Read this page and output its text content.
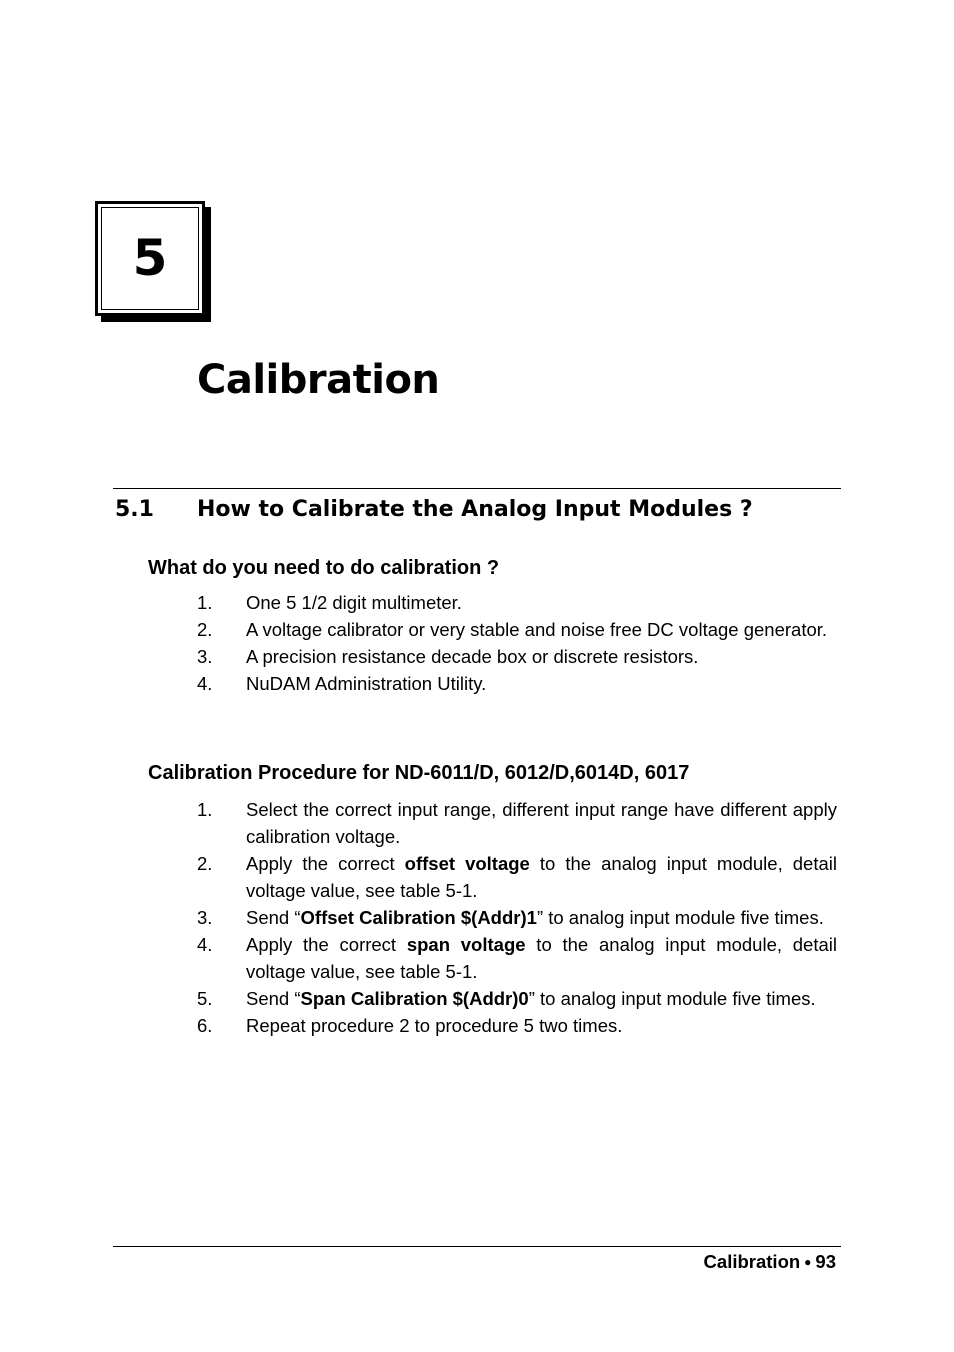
5
Calibration
5.1 How to Calibrate the Analog Input Modules ?
What do you need to do calibration ?
1. One 5 1/2 digit multimeter.
2. A voltage calibrator or very stable and noise free DC voltage generator.
3. A precision resistance decade box or discrete resistors.
4. NuDAM Administration Utility.
Calibration Procedure for ND-6011/D, 6012/D,6014D, 6017
1. Select the correct input range, different input range have different apply calibration voltage.
2. Apply the correct offset voltage to the analog input module, detail voltage value, see table 5-1.
3. Send “Offset Calibration $(Addr)1” to analog input module five times.
4. Apply the correct span voltage to the analog input module, detail voltage value, see table 5-1.
5. Send “Span Calibration $(Addr)0” to analog input module five times.
6. Repeat procedure 2 to procedure 5 two times.
Calibration ● 93
